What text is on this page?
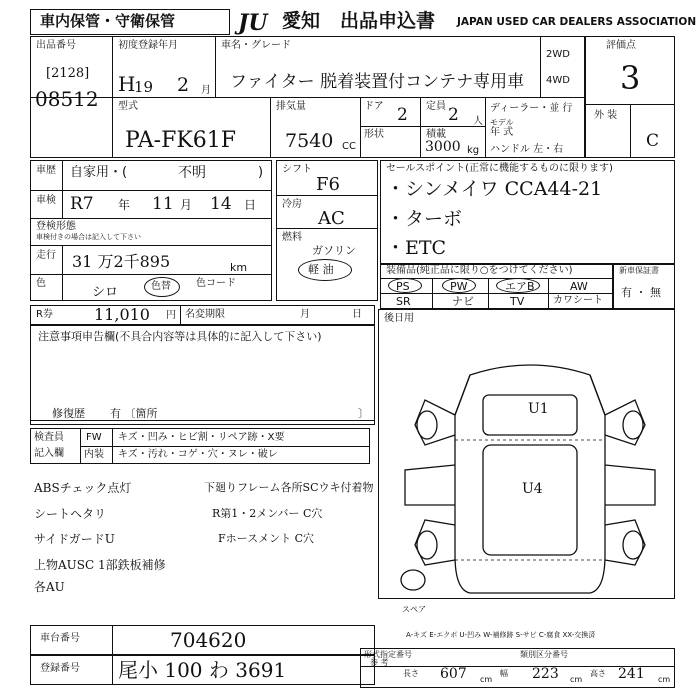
車内保管・守衛保管	JU 愛知 出品申込書 JAPAN USED CAR DEALERS ASSOCIATION
出品番号
[2128]
08512
初度登録年月
H
19 2 月
車名・グレード
ファイター 脱着装置付コンテナ専用車
2WD
4WD
評価点
3
外 装
C
型式
PA-FK61F
排気量
7540 CC
ドア 2 定員 2 人
形状	積載
3000 kg
ディーラー・並 行
モデル
年 式
ハンドル 左・右
車歴 自家用・(	不明	)
車検 R7 年 11 月 14 日
登検形態
車検付きの場合は記入して下さい
走行 31 万2千895	km
色
シロ	色替	色コード
シフト
F6
冷房
AC
燃料
ガソリン
軽 油
セールスポイント(正常に機能するものに限ります)
・シンメイワ CCA44-21
・ターボ
・ETC
装備品(純正品に限り○をつけてください)
PS	PW	エアB	AW
SR	ナビ	TV	カワシート
新車保証書
有 ・ 無
R券	11,010 円 名変期限	月	日 後日用
注意事項申告欄(不具合内容等は具体的に記入して下さい)
修復歴 有 〔箇所	〕
検査員
記入欄
FW キズ・凹み・ヒビ割・リペア跡・X要
内装 キズ・汚れ・コゲ・穴・ヌレ・破レ
ABSチェック点灯
シートヘタリ
サイドガードU
上物AUSC 1部鉄板補修
各AU
下廻りフレーム各所SCウキ付着物
R第1・2メンバー C穴
Fホースメント C穴
U1
U4
スペア
A-キズ E-エクボ U-凹み W-補修跡 S-サビ C-腐食 XX-交換済
車台番号	704620
登録番号 尾小 100 わ 3691
形式指定番号
参 考
類別区分番号
長さ 607 cm
幅 223 cm
高さ 241 cm
